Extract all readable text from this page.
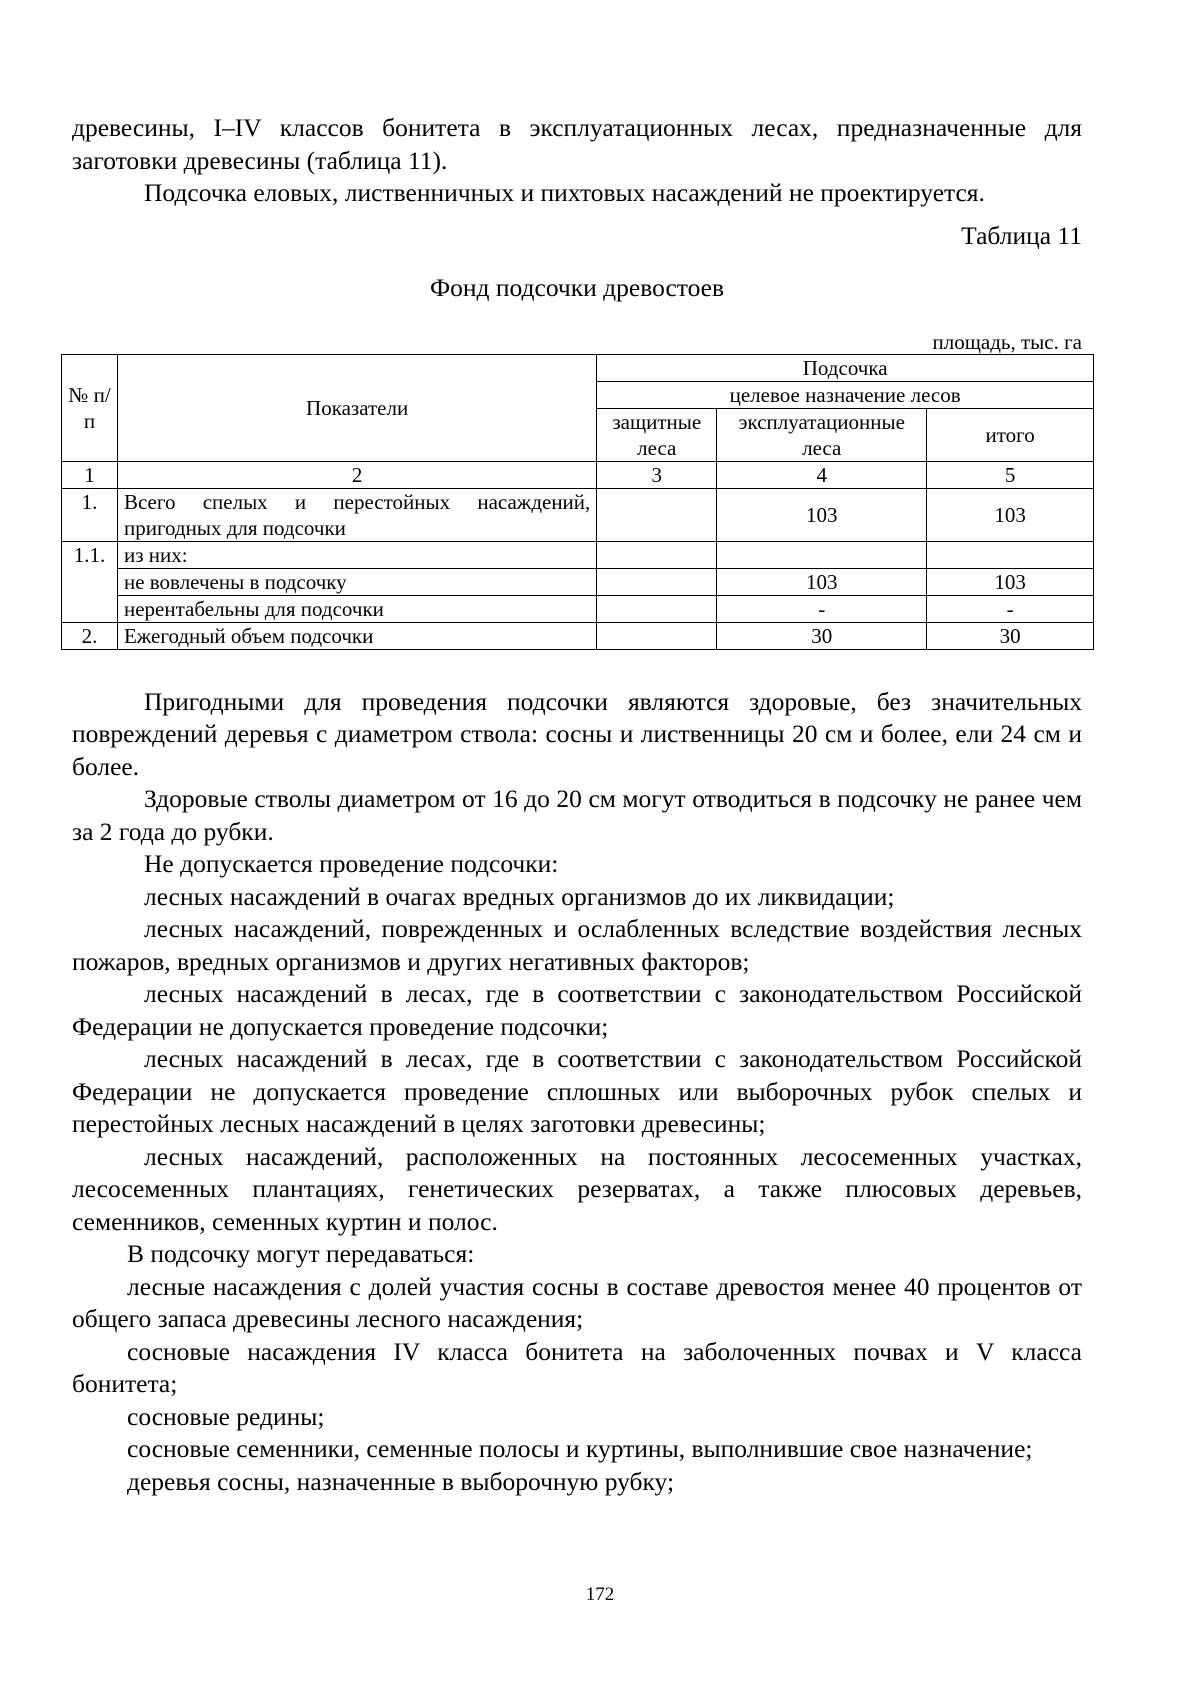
древесины, I–IV классов бонитета в эксплуатационных лесах, предназначенные для заготовки древесины (таблица 11).

Подсочка еловых, лиственничных и пихтовых насаждений не проектируется.

Таблица 11
Фонд подсочки древостоев
площадь, тыс. га
№ п/п	Показатели	Подсочка		
		целевое назначение лесов		
		защитные леса	эксплуатационные леса	итого
1	2	3	4	5
1.	Всего спелых и перестойных насаждений, пригодных для подсочки		103	103
1.1.	из них:			
	не вовлечены в подсочку		103	103
	нерентабельны для подсочки		-	-
2.	Ежегодный объем подсочки		30	30

Пригодными для проведения подсочки являются здоровые, без значительных повреждений деревья с диаметром ствола: сосны и лиственницы 20 см и более, ели 24 см и более.

Здоровые стволы диаметром от 16 до 20 см могут отводиться в подсочку не ранее чем за 2 года до рубки.

Не допускается проведение подсочки:

лесных насаждений в очагах вредных организмов до их ликвидации;

лесных насаждений, поврежденных и ослабленных вследствие воздействия лесных пожаров, вредных организмов и других негативных факторов;

лесных насаждений в лесах, где в соответствии с законодательством Российской Федерации не допускается проведение подсочки;

лесных насаждений в лесах, где в соответствии с законодательством Российской Федерации не допускается проведение сплошных или выборочных рубок спелых и перестойных лесных насаждений в целях заготовки древесины;

лесных насаждений, расположенных на постоянных лесосеменных участках, лесосеменных плантациях, генетических резерватах, а также плюсовых деревьев, семенников, семенных куртин и полос.

В подсочку могут передаваться:

лесные насаждения с долей участия сосны в составе древостоя менее 40 процентов от общего запаса древесины лесного насаждения;

сосновые насаждения IV класса бонитета на заболоченных почвах и V класса бонитета;

сосновые редины;

сосновые семенники, семенные полосы и куртины, выполнившие свое назначение;

деревья сосны, назначенные в выборочную рубку;

172
